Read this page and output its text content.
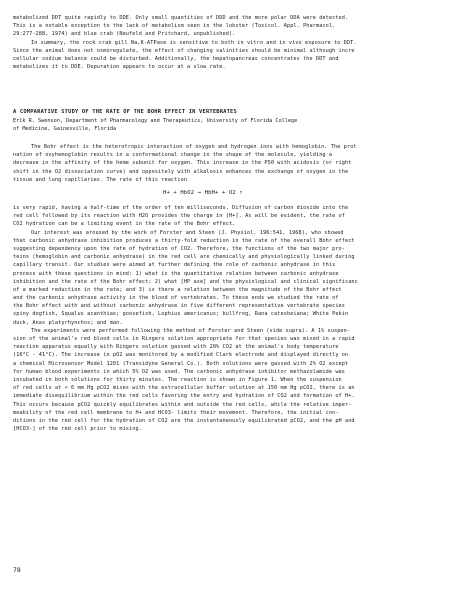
metabolized DDT quite rapidly to DDE. Only small quantities of DDD and the more polar DDA were detected.
This is a notable exception to the lack of metabolism seen in the lobster (Toxicol. Appl. Pharmacol.
29:277-288, 1974) and blue crab (Neufeld and Pritchard, unpublished).
In summary, the rock crab gill Na,K-ATPase is sensitive to both in vitro and in vivo exposure to DDT.
Since the animal does not osmoregulate, the effect of changing salinities should be minimal although incre
cellular sodium balance could be disturbed. Additionally, the hepatopancreas concentrates the DDT and
metabolizes it to DDE. Depuration appears to occur at a slow rate.
A COMPARATIVE STUDY OF THE RATE OF THE BOHR EFFECT IN VERTEBRATES
Erik R. Swenson, Department of Pharmacology and Therapeutics, University of Florida College
of Medicine, Gainesville, Florida
The Bohr effect is the heterotropic interaction of oxygen and hydrogen ions with hemoglobin. The prot
nation of oxyhemoglobin results in a conformational change in the shape of the molecule, yielding a
decrease in the affinity of the heme subunit for oxygen. This increase in the P50 with acidosis (or right
shift in the O2 dissociation curve) and oppositely with alkalosis enhances the exchange of oxygen in the
tissue and lung capillaries. The rate of this reaction
H+ + HbO2 → HbH+ + O2 ↑
is very rapid, having a half-time of the order of ten milliseconds. Diffusion of carbon dioxide into the
red cell followed by its reaction with H2O provides the charge in [H+]. As will be evident, the rate of
CO2 hydration can be a limiting event in the rate of the Bohr effect.
Our interest was aroused by the work of Forster and Steen (J. Physiol. 196:541, 1968), who showed
that carbonic anhydrase inhibition produces a thirty-fold reduction in the rate of the overall Bohr effect
suggesting dependency upon the rate of hydration of CO2. Therefore, the functions of the two major pro-
teins (hemoglobin and carbonic anhydrase) in the red cell are chemically and physiologically linked during
capillary transit. Our studies were aimed at further defining the role of carbonic anhydrase in this
process with these questions in mind: 1) what is the quantitative relation between carbonic anhydrase
inhibition and the rate of the Bohr effect; 2) what [HP ase] and the physiological and clinical significanc
of a marked reduction in the rate; and 3) is there a relation between the magnitude of the Bohr effect
and the carbonic anhydrase activity in the blood of vertebrates. To these ends we studied the rate of
the Bohr effect with and without carbonic anhydrase in five different representative vertebrate species
spiny dogfish, Squalus acanthias; goosefish, Lophius americanus; bullfrog, Rana catesbeiana; White Pekin
duck, Anas platyrhynchos; and man.
The experiments were performed following the method of Forster and Steen (vide supra). A 1% suspen-
sion of the animal's red blood cells in Ringers solution appropriate for that species was mixed in a rapid
reaction apparatus equally with Ringers solution gassed with 20% CO2 at the animal's body temperature
(16°C - 41°C). The increase in pO2 was monitored by a modified Clark electrode and displayed directly on
a chemical Microsensor Model 1201 (Transidyne General Co.). Both solutions were gassed with 2% O2 except
for human blood experiments in which 5% O2 was used. The carbonic anhydrase inhibitor methazolamide was
incubated in both solutions for thirty minutes. The reaction is shown in Figure 1. When the suspension
of red cells at < 6 mm Hg pCO2 mixes with the extracellular buffer solution at 150 mm Hg pCO2, there is an
immediate disequilibrium within the red cells favoring the entry and hydration of CO2 and formation of H+.
This occurs because pCO2 quickly equilibrates within and outside the red cells, while the relative imper-
meability of the red cell membrane to H+ and HCO3- limits their movement. Therefore, the initial con-
ditions in the red cell for the hydration of CO2 are the instantaneously equilibrated pCO2, and the pH and
[HCO3-] of the red cell prior to mixing.
78
